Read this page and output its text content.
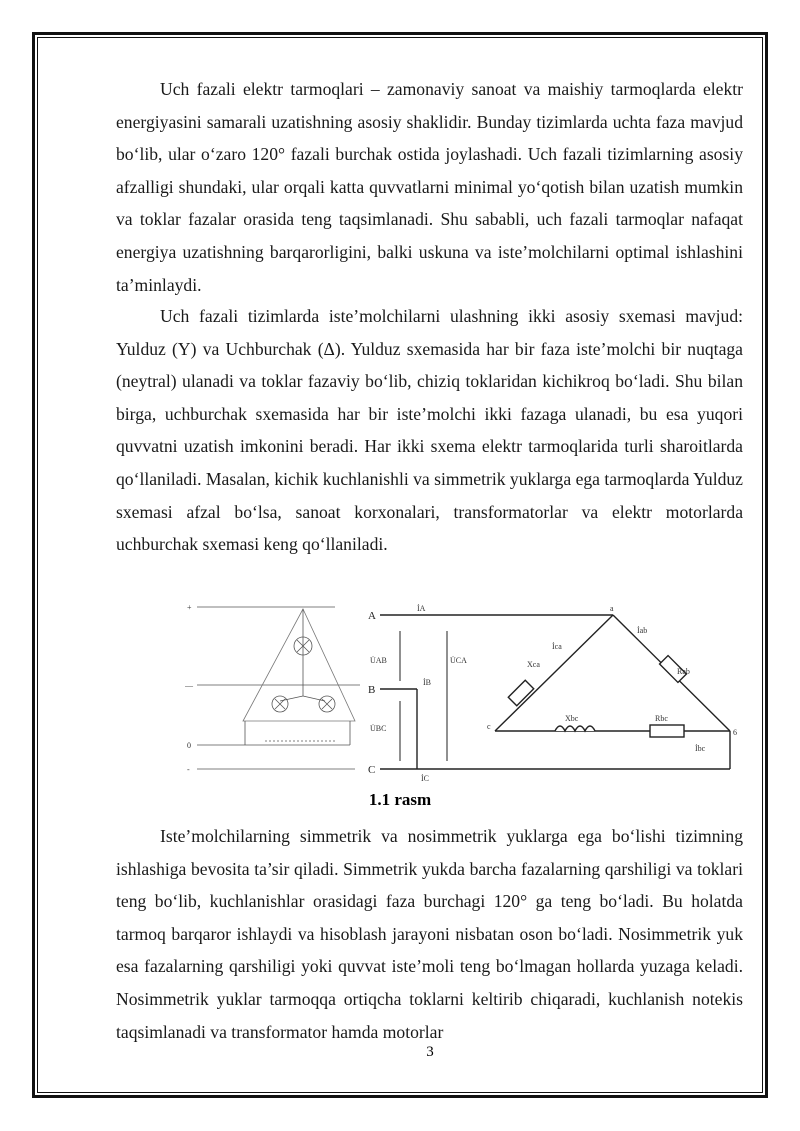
Uch fazali elektr tarmoqlari – zamonaviy sanoat va maishiy tarmoqlarda elektr energiyasini samarali uzatishning asosiy shaklidir. Bunday tizimlarda uchta faza mavjud bo‘lib, ular o‘zaro 120° fazali burchak ostida joylashadi. Uch fazali tizimlarning asosiy afzalligi shundaki, ular orqali katta quvvatlarni minimal yo‘qotish bilan uzatish mumkin va toklar fazalar orasida teng taqsimlanadi. Shu sababli, uch fazali tarmoqlar nafaqat energiya uzatishning barqarorligini, balki uskuna va iste’molchilarni optimal ishlashini ta’minlaydi.

Uch fazali tizimlarda iste’molchilarni ulashning ikki asosiy sxemasi mavjud: Yulduz (Y) va Uchburchak (Δ). Yulduz sxemasida har bir faza iste’molchi bir nuqtaga (neytral) ulanadi va toklar fazaviy bo‘lib, chiziq toklaridan kichikroq bo‘ladi. Shu bilan birga, uchburchak sxemasida har bir iste’molchi ikki fazaga ulanadi, bu esa yuqori quvvatni uzatish imkonini beradi. Har ikki sxema elektr tarmoqlarida turli sharoitlarda qo‘llaniladi. Masalan, kichik kuchlanishli va simmetrik yuklarga ega tarmoqlarda Yulduz sxemasi afzal bo‘lsa, sanoat korxonalari, transformatorlar va elektr motorlarda uchburchak sxemasi keng qo‘llaniladi.

+
—
0
-
A
B
C
a
6
c
U̇AB	U̇CA
U̇BC
İA
İB
İC
İab
İca
İbc
Xca
Rab
Xbc	Rbc
1.1 rasm

Iste’molchilarning simmetrik va nosimmetrik yuklarga ega bo‘lishi tizimning ishlashiga bevosita ta’sir qiladi. Simmetrik yukda barcha fazalarning qarshiligi va toklari teng bo‘lib, kuchlanishlar orasidagi faza burchagi 120° ga teng bo‘ladi. Bu holatda tarmoq barqaror ishlaydi va hisoblash jarayoni nisbatan oson bo‘ladi. Nosimmetrik yuk esa fazalarning qarshiligi yoki quvvat iste’moli teng bo‘lmagan hollarda yuzaga keladi. Nosimmetrik yuklar tarmoqqa ortiqcha toklarni keltirib chiqaradi, kuchlanish notekis taqsimlanadi va transformator hamda motorlar

3
